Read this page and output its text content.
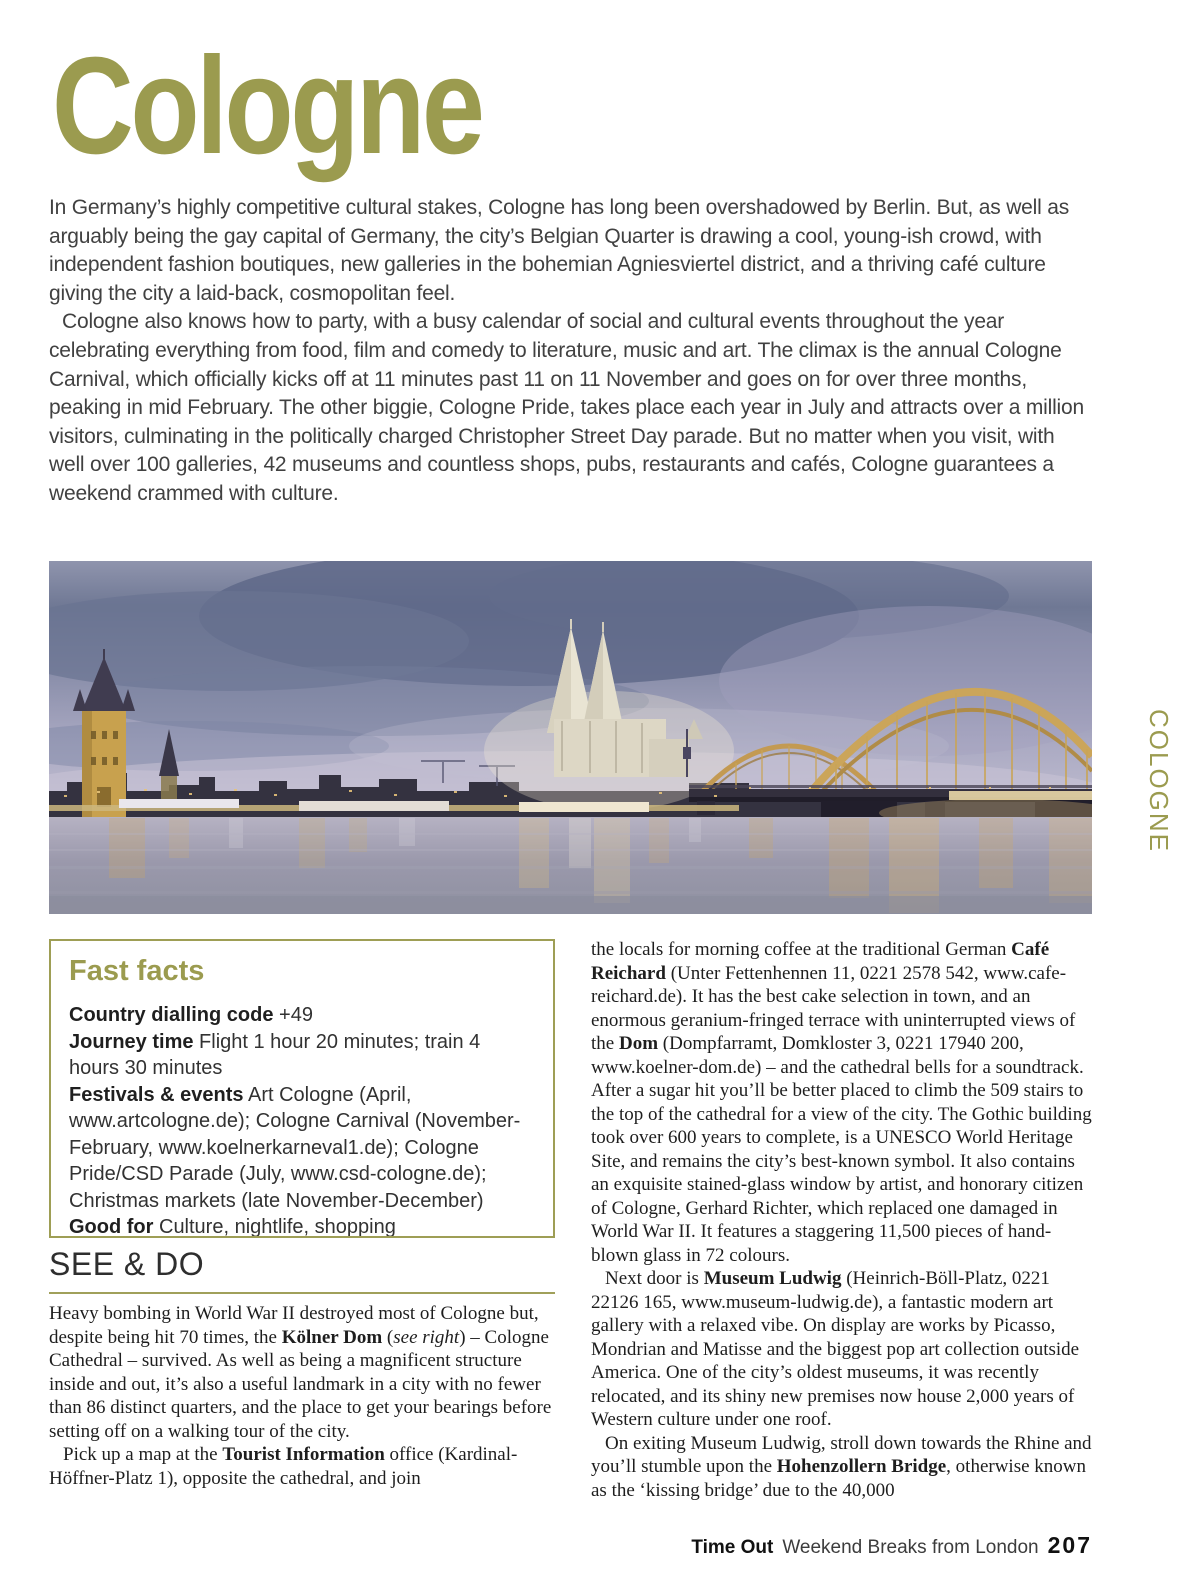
Cologne

In Germany’s highly competitive cultural stakes, Cologne has long been overshadowed by Berlin. But, as well as arguably being the gay capital of Germany, the city’s Belgian Quarter is drawing a cool, young-ish crowd, with independent fashion boutiques, new galleries in the bohemian Agniesviertel district, and a thriving café culture giving the city a laid-back, cosmopolitan feel.

Cologne also knows how to party, with a busy calendar of social and cultural events throughout the year celebrating everything from food, film and comedy to literature, music and art. The climax is the annual Cologne Carnival, which officially kicks off at 11 minutes past 11 on 11 November and goes on for over three months, peaking in mid February. The other biggie, Cologne Pride, takes place each year in July and attracts over a million visitors, culminating in the politically charged Christopher Street Day parade. But no matter when you visit, with well over 100 galleries, 42 museums and countless shops, pubs, restaurants and cafés, Cologne guarantees a weekend crammed with culture.

COLOGNE
Fast facts

Country dialling code +49

Journey time Flight 1 hour 20 minutes; train 4 hours 30 minutes

Festivals & events Art Cologne (April, www.artcologne.de); Cologne Carnival (November-February, www.koelnerkarneval1.de); Cologne Pride/CSD Parade (July, www.csd-cologne.de); Christmas markets (late November-December)

Good for Culture, nightlife, shopping

SEE & DO

Heavy bombing in World War II destroyed most of Cologne but, despite being hit 70 times, the Kölner Dom (see right) – Cologne Cathedral – survived. As well as being a magnificent structure inside and out, it’s also a useful landmark in a city with no fewer than 86 distinct quarters, and the place to get your bearings before setting off on a walking tour of the city.

Pick up a map at the Tourist Information office (Kardinal-Höffner-Platz 1), opposite the cathedral, and join

the locals for morning coffee at the traditional German Café Reichard (Unter Fettenhennen 11, 0221 2578 542, www.cafe-reichard.de). It has the best cake selection in town, and an enormous geranium-fringed terrace with uninterrupted views of the Dom (Dompfarramt, Domkloster 3, 0221 17940 200, www.koelner-dom.de) – and the cathedral bells for a soundtrack. After a sugar hit you’ll be better placed to climb the 509 stairs to the top of the cathedral for a view of the city. The Gothic building took over 600 years to complete, is a UNESCO World Heritage Site, and remains the city’s best-known symbol. It also contains an exquisite stained-glass window by artist, and honorary citizen of Cologne, Gerhard Richter, which replaced one damaged in World War II. It features a staggering 11,500 pieces of hand-blown glass in 72 colours.

Next door is Museum Ludwig (Heinrich-Böll-Platz, 0221 22126 165, www.museum-ludwig.de), a fantastic modern art gallery with a relaxed vibe. On display are works by Picasso, Mondrian and Matisse and the biggest pop art collection outside America. One of the city’s oldest museums, it was recently relocated, and its shiny new premises now house 2,000 years of Western culture under one roof.

On exiting Museum Ludwig, stroll down towards the Rhine and you’ll stumble upon the Hohenzollern Bridge, otherwise known as the ‘kissing bridge’ due to the 40,000

Time Out Weekend Breaks from London 207
